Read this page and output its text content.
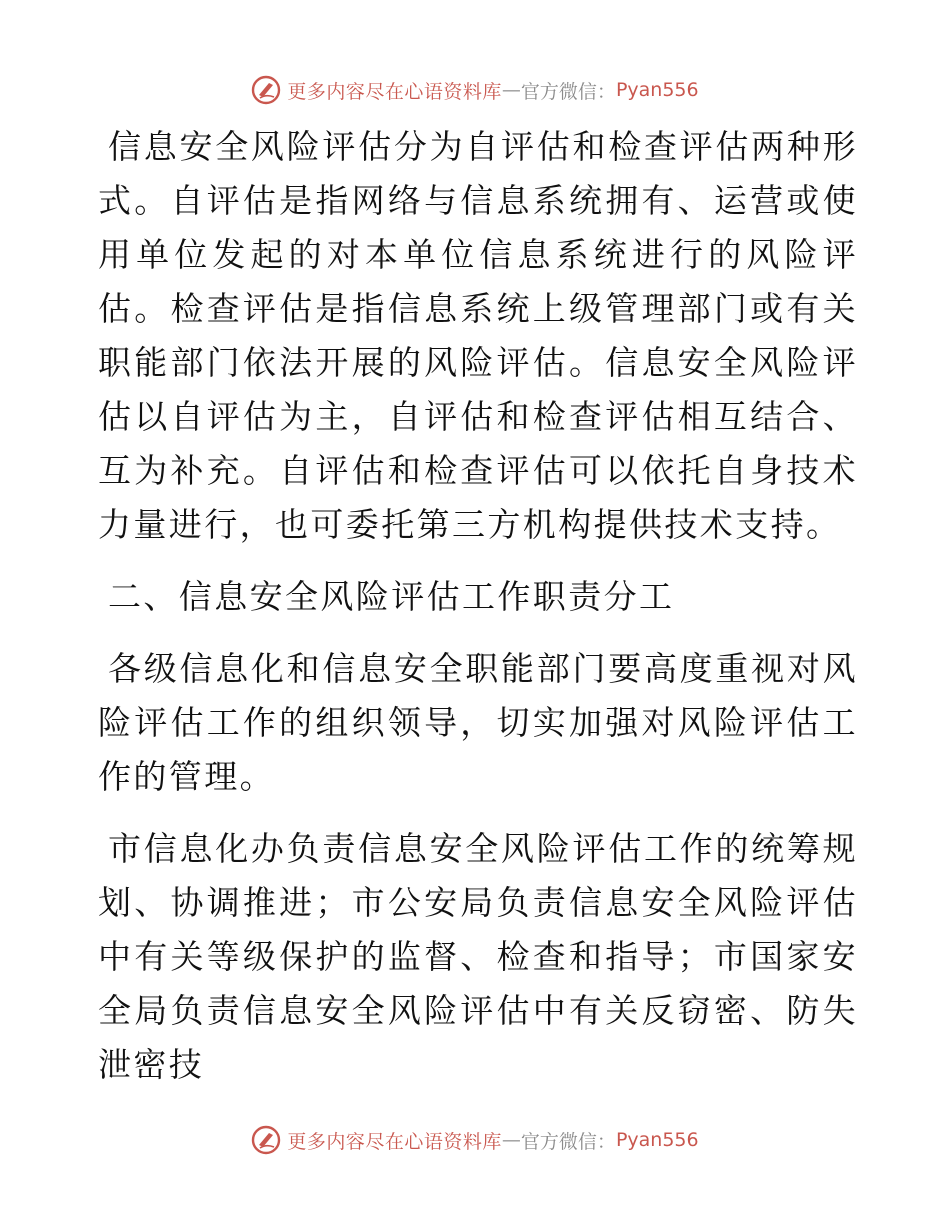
更多内容尽在心语资料库 — 官方微信： Pyan556

信息安全风险评估分为自评估和检查评估两种形式。自评估是指网络与信息系统拥有、运营或使用单位发起的对本单位信息系统进行的风险评估。检查评估是指信息系统上级管理部门或有关职能部门依法开展的风险评估。信息安全风险评估以自评估为主，自评估和检查评估相互结合、互为补充。自评估和检查评估可以依托自身技术力量进行，也可委托第三方机构提供技术支持。

二、信息安全风险评估工作职责分工

各级信息化和信息安全职能部门要高度重视对风险评估工作的组织领导，切实加强对风险评估工作的管理。

市信息化办负责信息安全风险评估工作的统筹规划、协调推进；市公安局负责信息安全风险评估中有关等级保护的监督、检查和指导；市国家安全局负责信息安全风险评估中有关反窃密、防失泄密技

更多内容尽在心语资料库 — 官方微信： Pyan556
